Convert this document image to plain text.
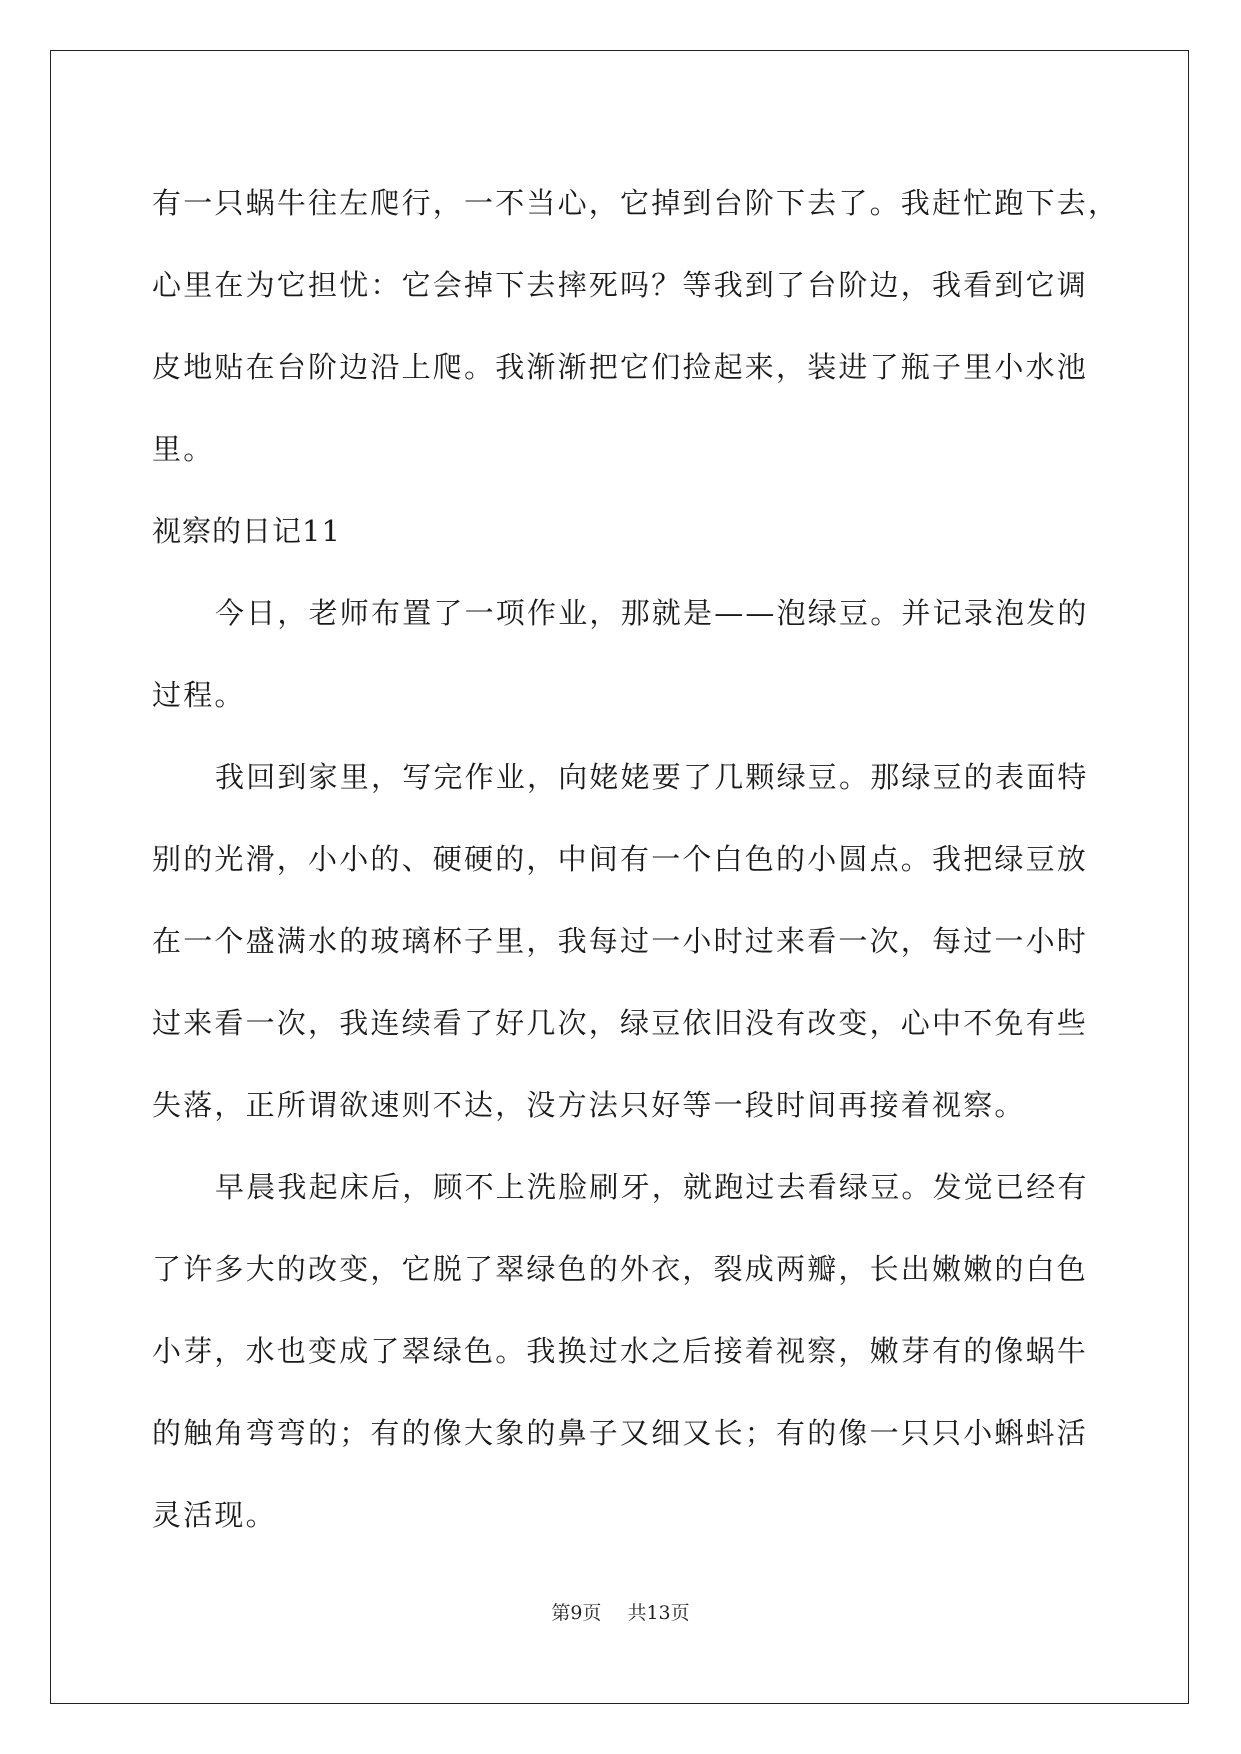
有一只蜗牛往左爬行，一不当心，它掉到台阶下去了。我赶忙跑下去，
心里在为它担忧：它会掉下去摔死吗？等我到了台阶边，我看到它调
皮地贴在台阶边沿上爬。我渐渐把它们捡起来，装进了瓶子里小水池
里。
视察的日记11
今日，老师布置了一项作业，那就是——泡绿豆。并记录泡发的
过程。
我回到家里，写完作业，向姥姥要了几颗绿豆。那绿豆的表面特
别的光滑，小小的、硬硬的，中间有一个白色的小圆点。我把绿豆放
在一个盛满水的玻璃杯子里，我每过一小时过来看一次，每过一小时
过来看一次，我连续看了好几次，绿豆依旧没有改变，心中不免有些
失落，正所谓欲速则不达，没方法只好等一段时间再接着视察。
早晨我起床后，顾不上洗脸刷牙，就跑过去看绿豆。发觉已经有
了许多大的改变，它脱了翠绿色的外衣，裂成两瓣，长出嫩嫩的白色
小芽，水也变成了翠绿色。我换过水之后接着视察，嫩芽有的像蜗牛
的触角弯弯的；有的像大象的鼻子又细又长；有的像一只只小蝌蚪活
灵活现。
第9页 共13页
